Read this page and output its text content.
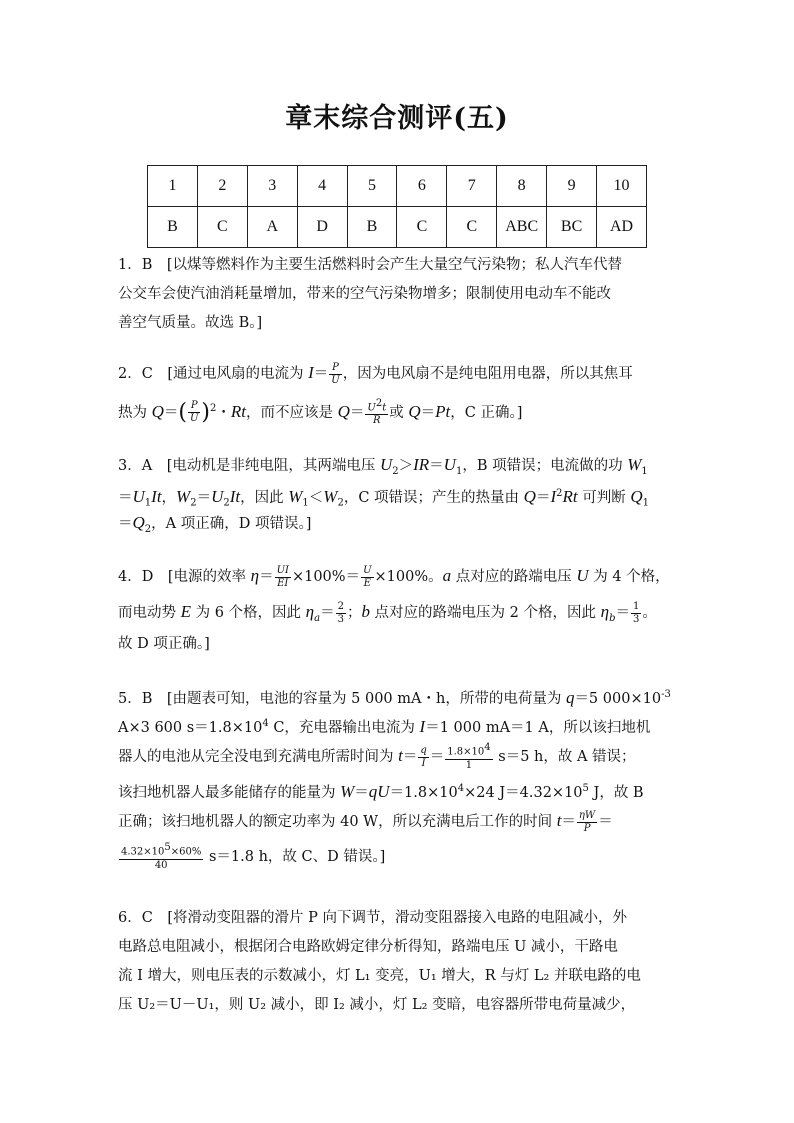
章末综合测评(五)
1	2	3	4	5	6	7	8	9	10
B	C	A	D	B	C	C	ABC	BC	AD
1．B　[以煤等燃料作为主要生活燃料时会产生大量空气污染物；私人汽车代替
公交车会使汽油消耗量增加，带来的空气污染物增多；限制使用电动车不能改
善空气质量。故选 B。]
2．C　[通过电风扇的电流为 $I= \frac{P}{U}$ ，因为电风扇不是纯电阻用电器，所以其焦耳
热为 $Q=( \frac{P}{U} )^2$・Rt，而不应该是 $Q= \frac{U^2t}{R}$ 或 Q＝Pt，C 正确。]
3．A　[电动机是非纯电阻，其两端电压 $U_2>IR=U_1$，B 项错误；电流做的功 $W_1$
$=U_1It$，$W_2=U_2It$，因此 $W_1<W_2$，C 项错误；产生的热量由 $Q=I^2Rt$ 可判断 $Q_1$
$=Q_2$，A 项正确，D 项错误。]
4．D　[电源的效率 $\eta= \frac{UI}{EI} \times 100\%= \frac{U}{E} \times 100\%$。a 点对应的路端电压 U 为 4 个格，
而电动势 E 为 6 个格，因此 $\eta_a= \frac{2}{3}$ ；b 点对应的路端电压为 2 个格，因此 $\eta_b= \frac{1}{3}$ 。
故 D 项正确。]
5．B　[由题表可知，电池的容量为 5 000 mA・h，所带的电荷量为 q＝5 $000\times 10^{-3}$
A×3 600 $s=1.8\times 10^4$ C，充电器输出电流为 I＝1 000 mA＝1 A，所以该扫地机
器人的电池从完全没电到充满电所需时间为 $t= \frac{q}{I} = \frac{1.8\times 10^4}{1} s=5$ h，故 A 错误；
该扫地机器人最多能储存的能量为 $W=qU=1.8\times 10^4\times 24$ $J=4.32\times 10^5$ J，故 B
正确；该扫地机器人的额定功率为 40 W，所以充满电后工作的时间 $t= \frac{\eta W}{P}$ ＝
$\frac{4.32\times 10^5\times 60\%}{40} s=1.8$ h，故 C、D 错误。]
6．C　[将滑动变阻器的滑片 P 向下调节，滑动变阻器接入电路的电阻减小，外
电路总电阻减小，根据闭合电路欧姆定律分析得知，路端电压 U 减小，干路电
流 I 增大，则电压表的示数减小，灯 L₁ 变亮，U₁ 增大，R 与灯 L₂ 并联电路的电
压 U₂＝U－U₁，则 U₂ 减小，即 I₂ 减小，灯 L₂ 变暗，电容器所带电荷量减少，
